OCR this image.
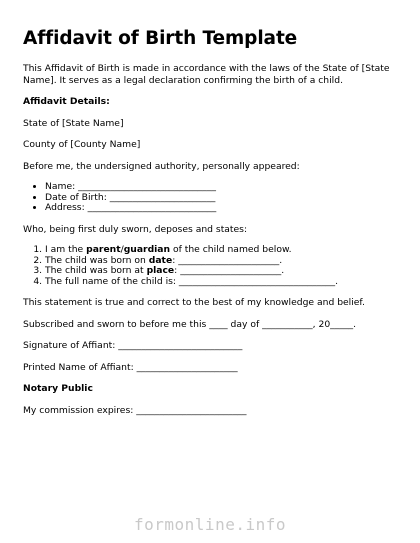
Affidavit of Birth Template

This Affidavit of Birth is made in accordance with the laws of the State of [State Name]. It serves as a legal declaration confirming the birth of a child.

Affidavit Details:

State of [State Name]

County of [County Name]

Before me, the undersigned authority, personally appeared:

• Name: ______________________________
• Date of Birth: _______________________
• Address: ____________________________

Who, being first duly sworn, deposes and states:

1. I am the parent/guardian of the child named below.
2. The child was born on date: ______________________.
3. The child was born at place: ______________________.
4. The full name of the child is: __________________________________.

This statement is true and correct to the best of my knowledge and belief.

Subscribed and sworn to before me this ____ day of ___________, 20_____.

Signature of Affiant: ___________________________

Printed Name of Affiant: ______________________

Notary Public

My commission expires: ________________________

formonline.info
